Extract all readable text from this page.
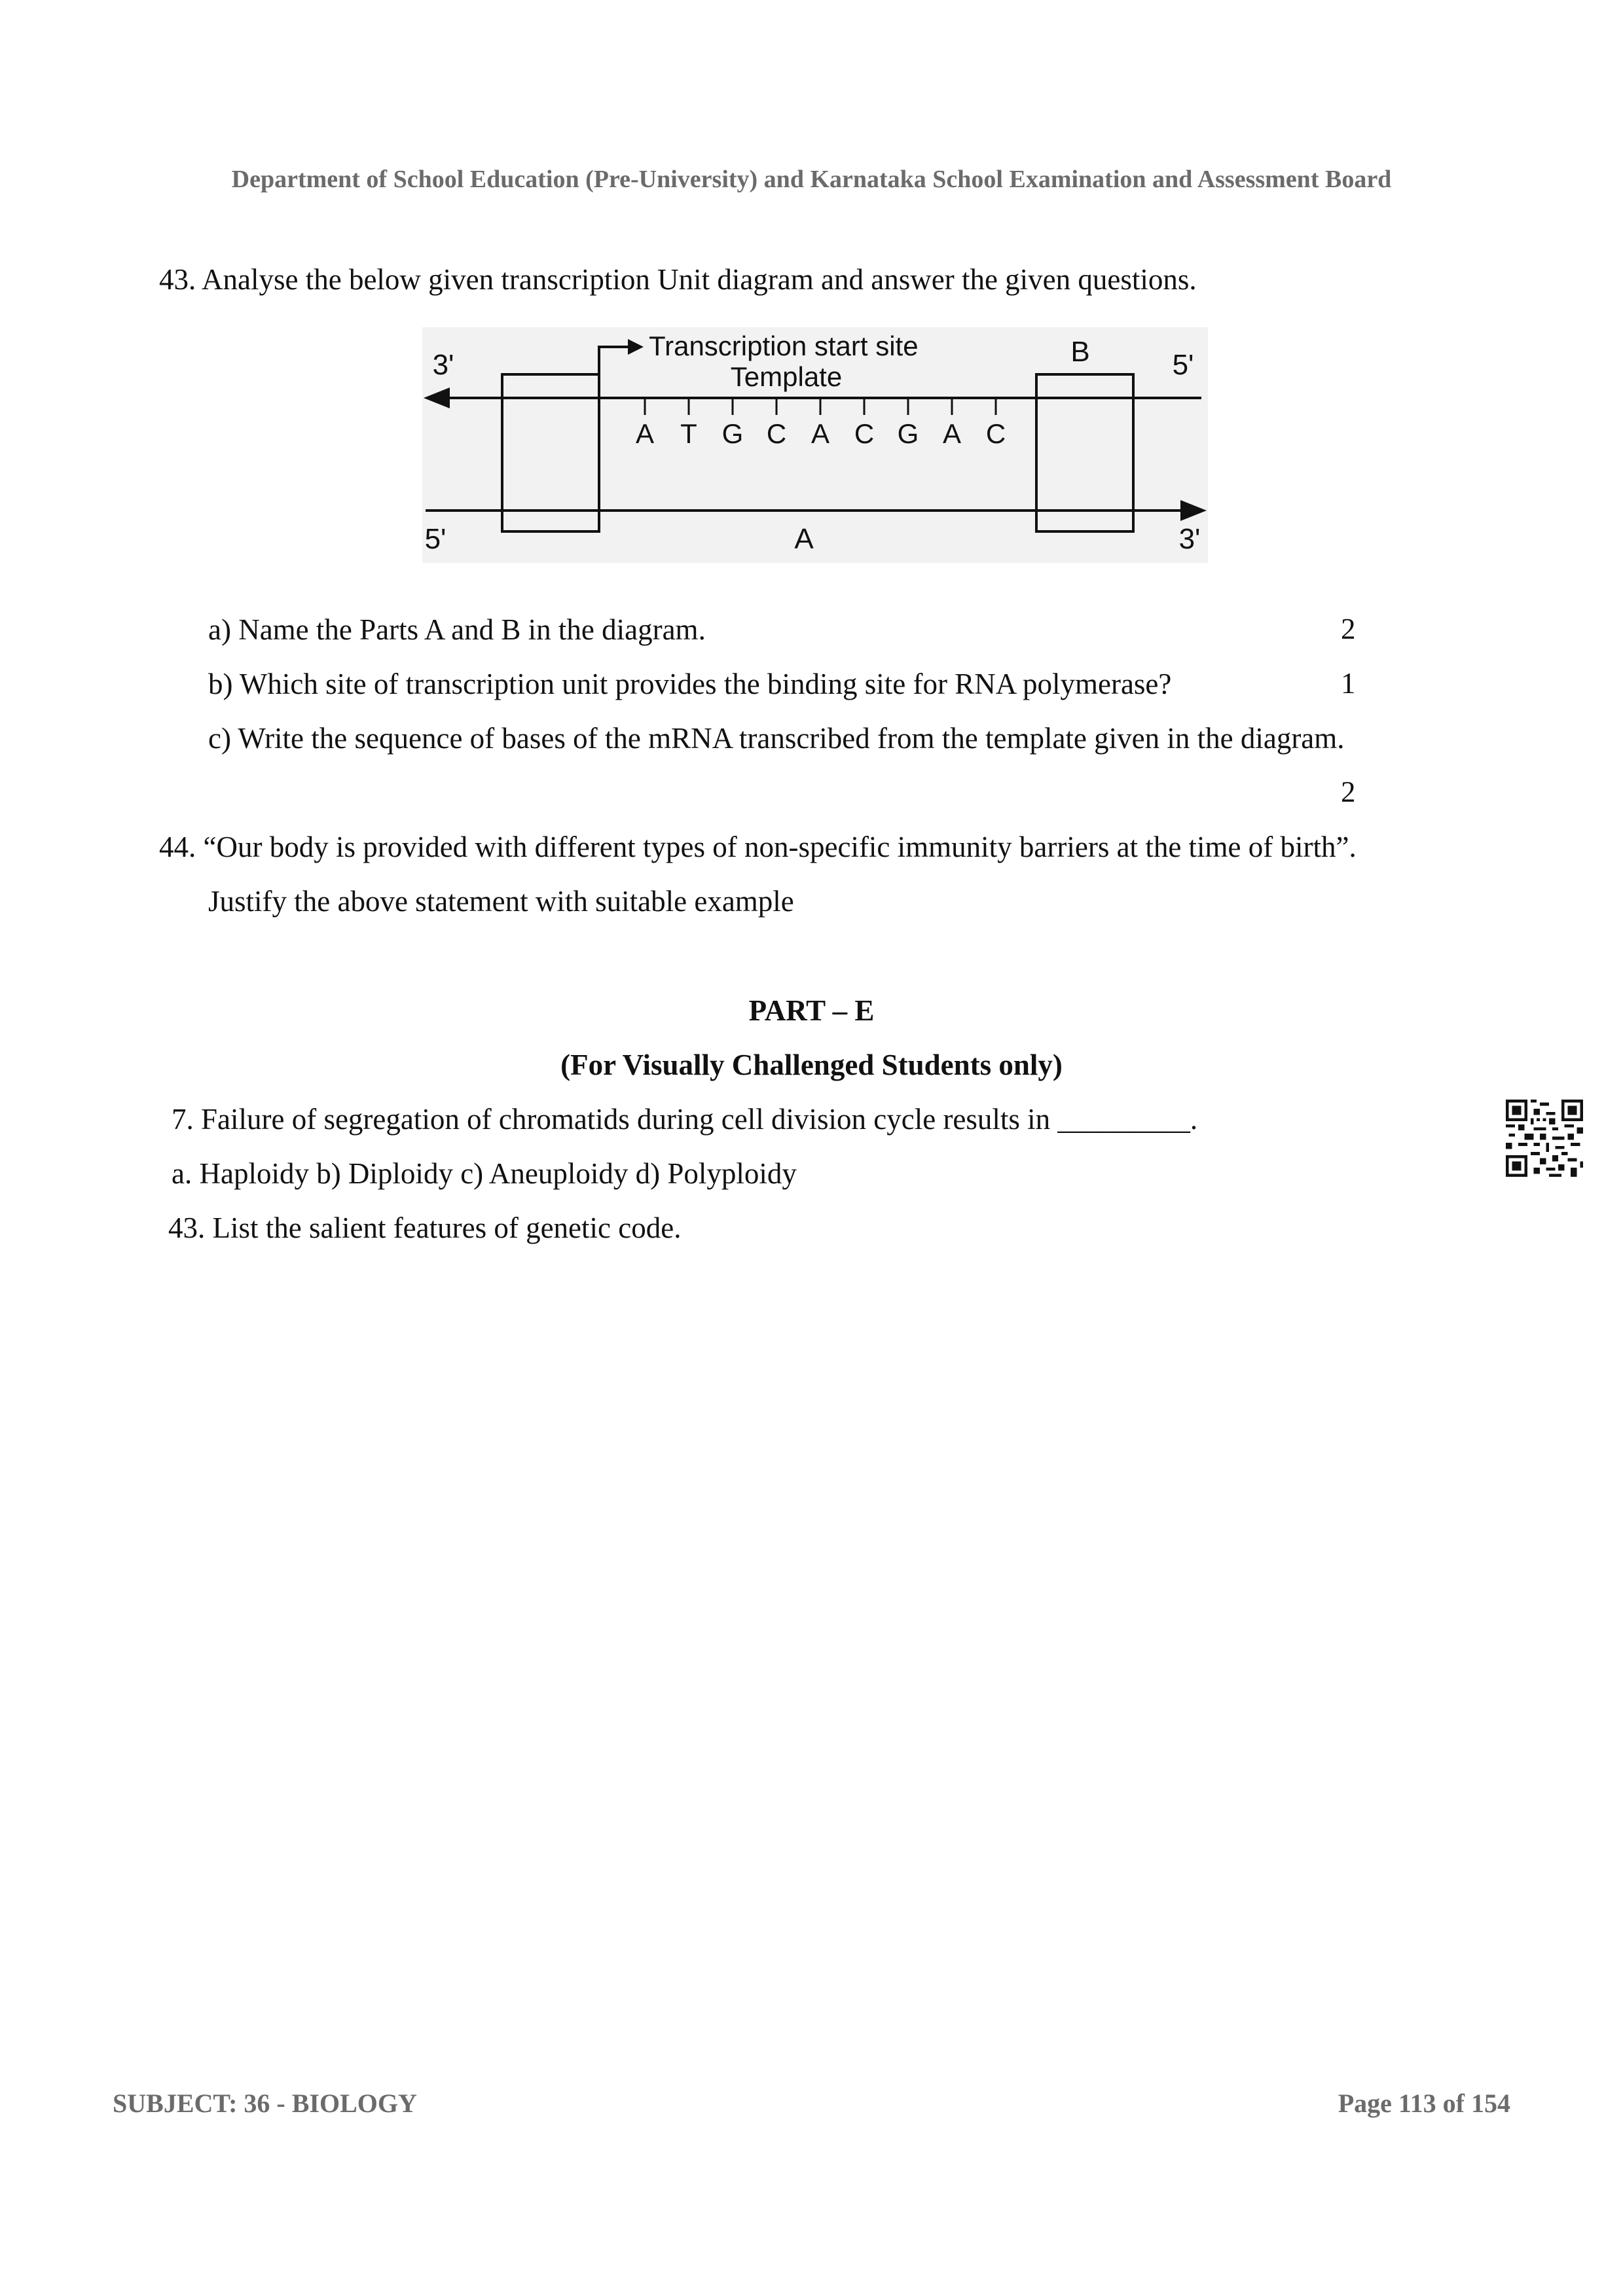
Department of School Education (Pre-University) and Karnataka School Examination and Assessment Board
43. Analyse the below given transcription Unit diagram and answer the given questions.
Transcription start site
Template
A T G C A C G A C
3'	5'
5'	3'
B
A
a) Name the Parts A and B in the diagram.	2
b) Which site of transcription unit provides the binding site for RNA polymerase?	1
c) Write the sequence of bases of the mRNA transcribed from the template given in the diagram.
2
44. “Our body is provided with different types of non-specific immunity barriers at the time of birth”.
Justify the above statement with suitable example
PART – E
(For Visually Challenged Students only)
7. Failure of segregation of chromatids during cell division cycle results in _________.
a. Haploidy b) Diploidy c) Aneuploidy d) Polyploidy
43. List the salient features of genetic code.
SUBJECT: 36 - BIOLOGY	Page 113 of 154
